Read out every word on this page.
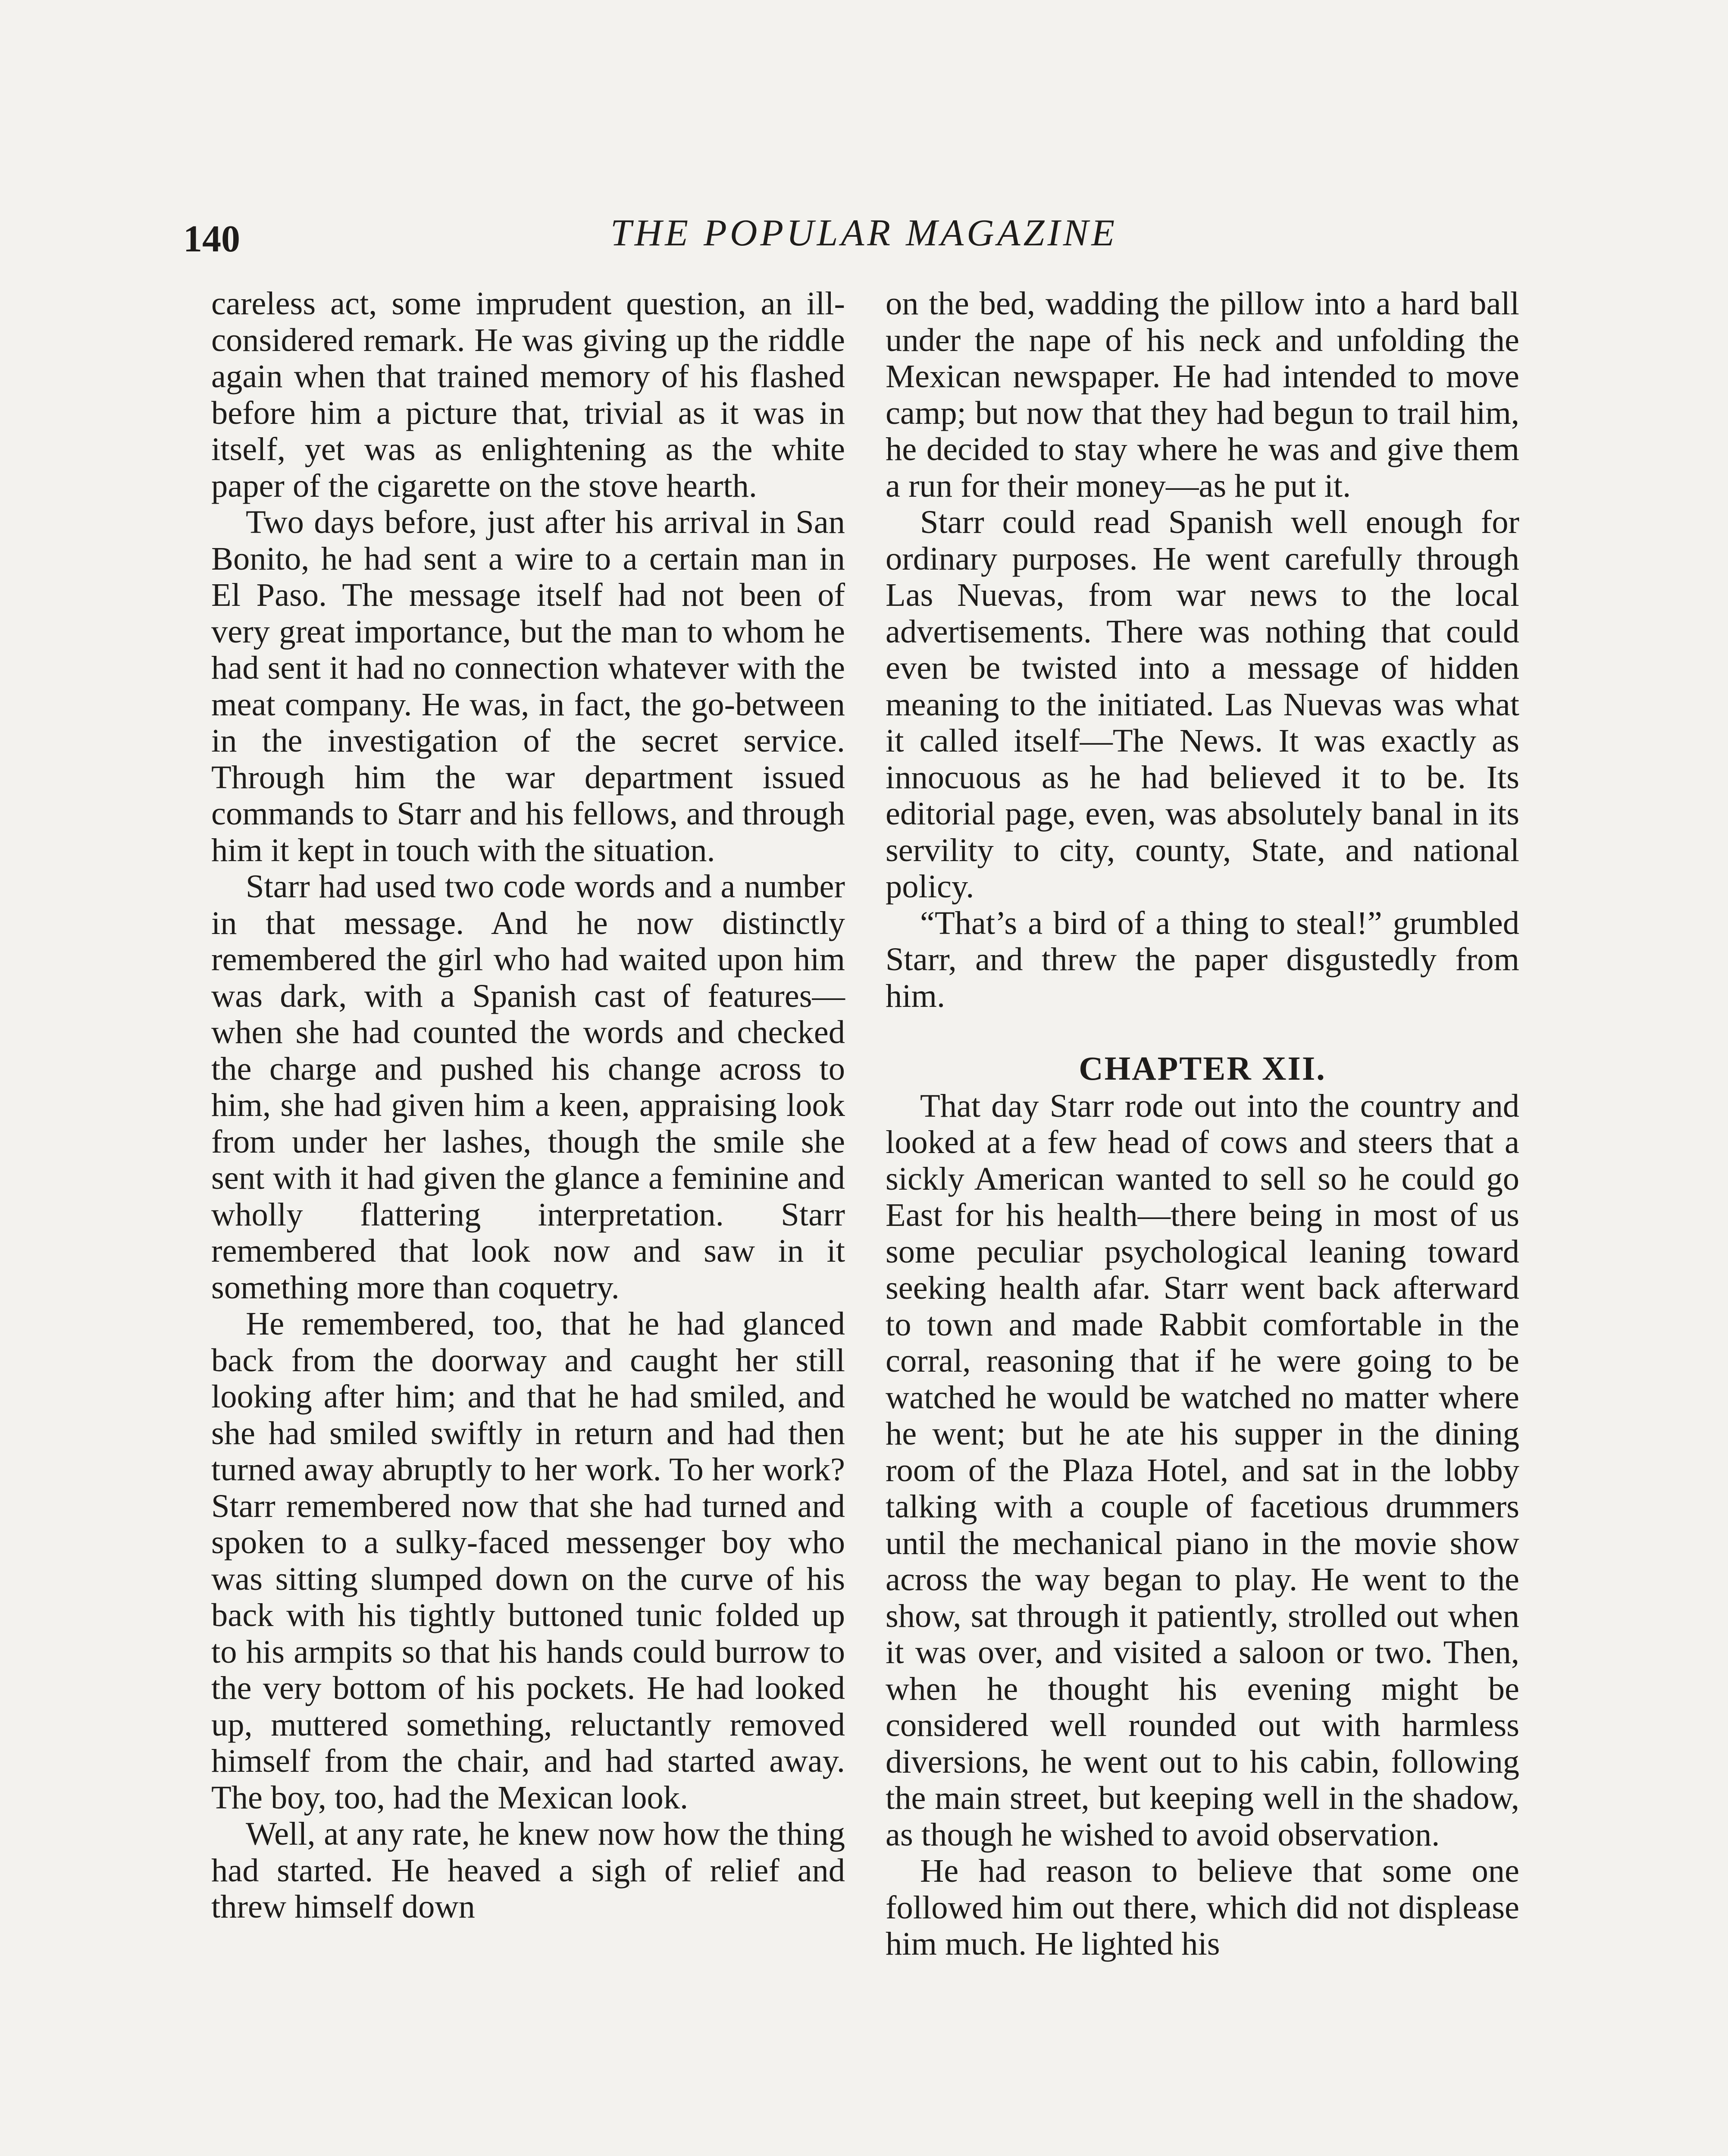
140	THE POPULAR MAGAZINE

careless act, some imprudent question, an ill-considered remark. He was giving up the riddle again when that trained memory of his flashed before him a picture that, trivial as it was in itself, yet was as enlightening as the white paper of the cigarette on the stove hearth.

Two days before, just after his arrival in San Bonito, he had sent a wire to a certain man in El Paso. The message itself had not been of very great importance, but the man to whom he had sent it had no connection whatever with the meat company. He was, in fact, the go-between in the investigation of the secret service. Through him the war department issued commands to Starr and his fellows, and through him it kept in touch with the situation.

Starr had used two code words and a number in that message. And he now distinctly remembered the girl who had waited upon him was dark, with a Spanish cast of features—when she had counted the words and checked the charge and pushed his change across to him, she had given him a keen, appraising look from under her lashes, though the smile she sent with it had given the glance a feminine and wholly flattering interpretation. Starr remembered that look now and saw in it something more than coquetry.

He remembered, too, that he had glanced back from the doorway and caught her still looking after him; and that he had smiled, and she had smiled swiftly in return and had then turned away abruptly to her work. To her work? Starr remembered now that she had turned and spoken to a sulky-faced messenger boy who was sitting slumped down on the curve of his back with his tightly buttoned tunic folded up to his armpits so that his hands could burrow to the very bottom of his pockets. He had looked up, muttered something, reluctantly removed himself from the chair, and had started away. The boy, too, had the Mexican look.

Well, at any rate, he knew now how the thing had started. He heaved a sigh of relief and threw himself down

on the bed, wadding the pillow into a hard ball under the nape of his neck and unfolding the Mexican newspaper. He had intended to move camp; but now that they had begun to trail him, he decided to stay where he was and give them a run for their money—as he put it.

Starr could read Spanish well enough for ordinary purposes. He went carefully through Las Nuevas, from war news to the local advertisements. There was nothing that could even be twisted into a message of hidden meaning to the initiated. Las Nuevas was what it called itself—The News. It was exactly as innocuous as he had believed it to be. Its editorial page, even, was absolutely banal in its servility to city, county, State, and national policy.

“That’s a bird of a thing to steal!” grumbled Starr, and threw the paper disgustedly from him.

CHAPTER XII.

That day Starr rode out into the country and looked at a few head of cows and steers that a sickly American wanted to sell so he could go East for his health—there being in most of us some peculiar psychological leaning toward seeking health afar. Starr went back afterward to town and made Rabbit comfortable in the corral, reasoning that if he were going to be watched he would be watched no matter where he went; but he ate his supper in the dining room of the Plaza Hotel, and sat in the lobby talking with a couple of facetious drummers until the mechanical piano in the movie show across the way began to play. He went to the show, sat through it patiently, strolled out when it was over, and visited a saloon or two. Then, when he thought his evening might be considered well rounded out with harmless diversions, he went out to his cabin, following the main street, but keeping well in the shadow, as though he wished to avoid observation.

He had reason to believe that some one followed him out there, which did not displease him much. He lighted his
